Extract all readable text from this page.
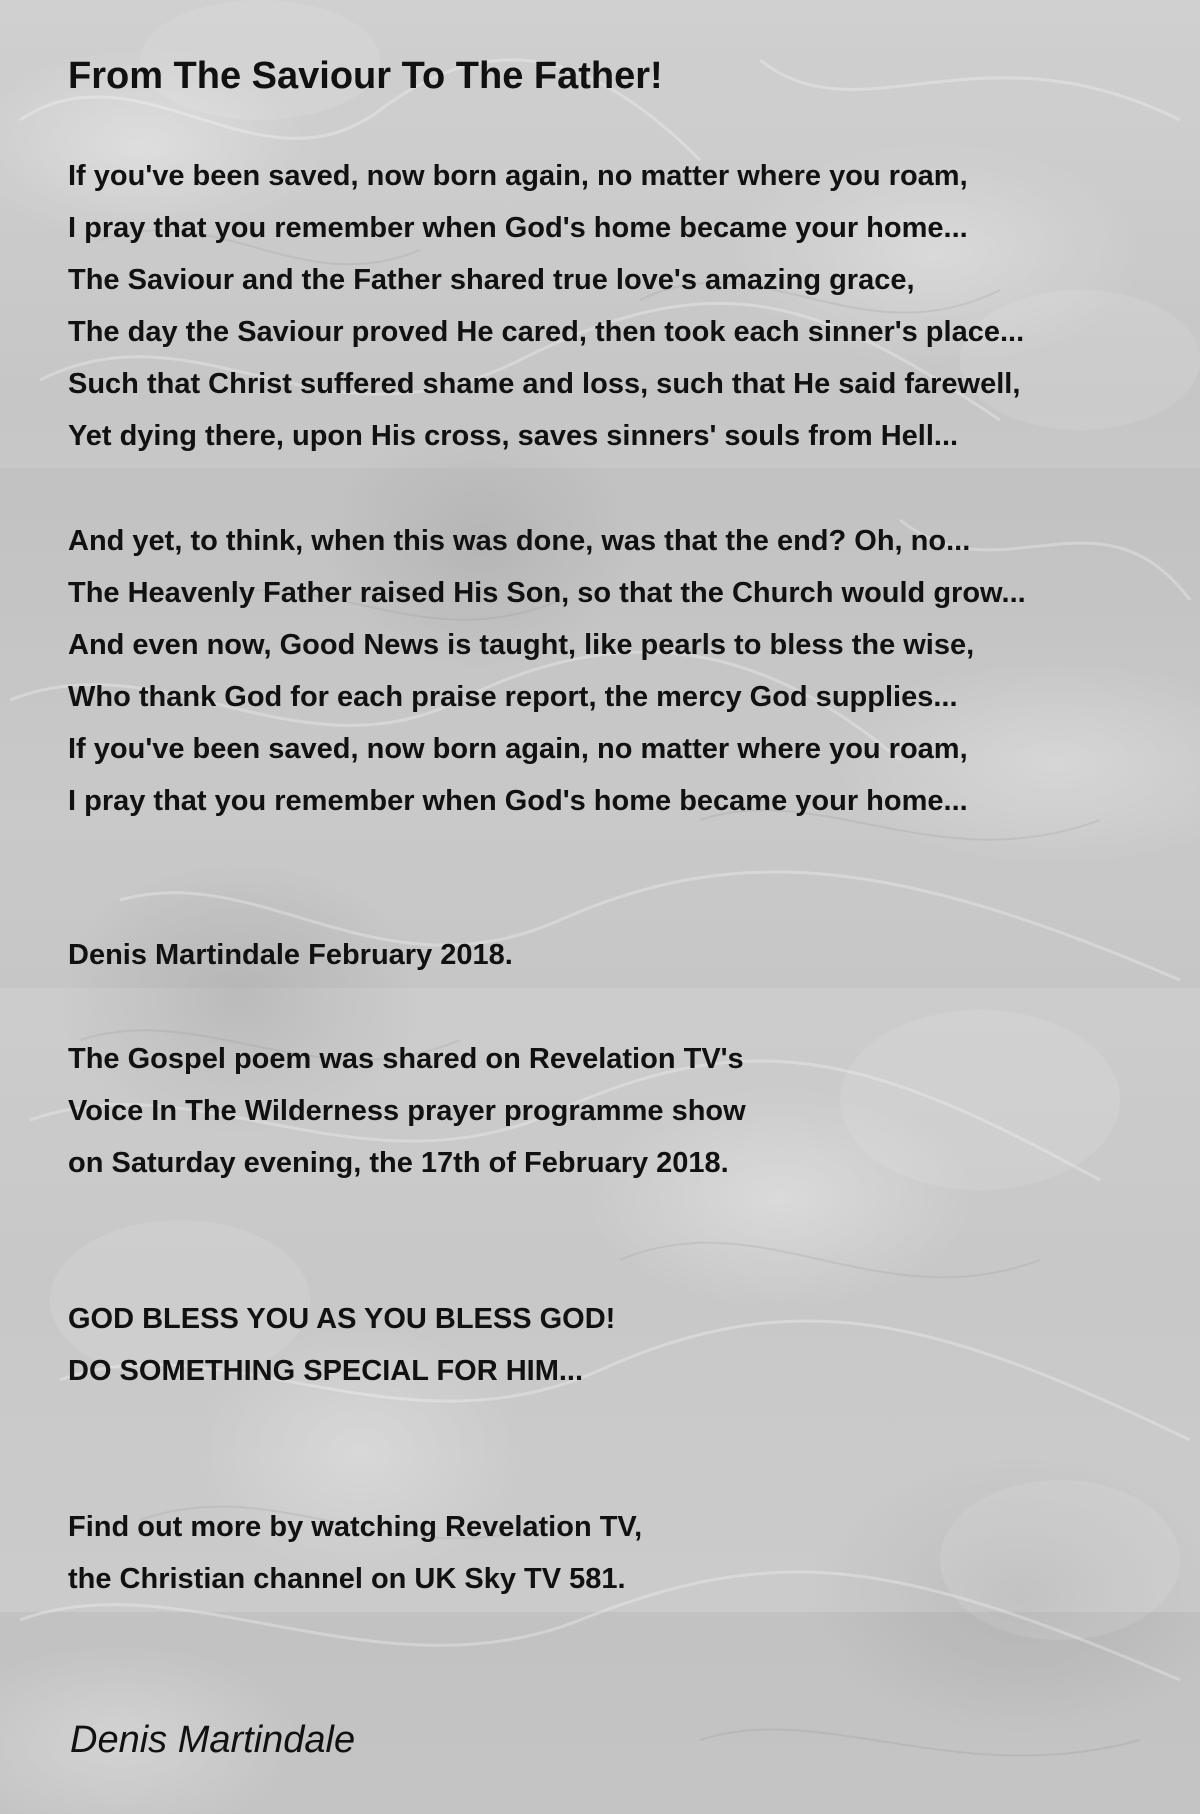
From The Saviour To The Father!
If you've been saved, now born again, no matter where you roam,
I pray that you remember when God's home became your home...
The Saviour and the Father shared true love's amazing grace,
The day the Saviour proved He cared, then took each sinner's place...
Such that Christ suffered shame and loss, such that He said farewell,
Yet dying there, upon His cross, saves sinners' souls from Hell...
And yet, to think, when this was done, was that the end? Oh, no...
The Heavenly Father raised His Son, so that the Church would grow...
And even now, Good News is taught, like pearls to bless the wise,
Who thank God for each praise report, the mercy God supplies...
If you've been saved, now born again, no matter where you roam,
I pray that you remember when God's home became your home...
Denis Martindale February 2018.
The Gospel poem was shared on Revelation TV's
Voice In The Wilderness prayer programme show
on Saturday evening, the 17th of February 2018.
GOD BLESS YOU AS YOU BLESS GOD!
DO SOMETHING SPECIAL FOR HIM...
Find out more by watching Revelation TV,
the Christian channel on UK Sky TV 581.
Denis Martindale
